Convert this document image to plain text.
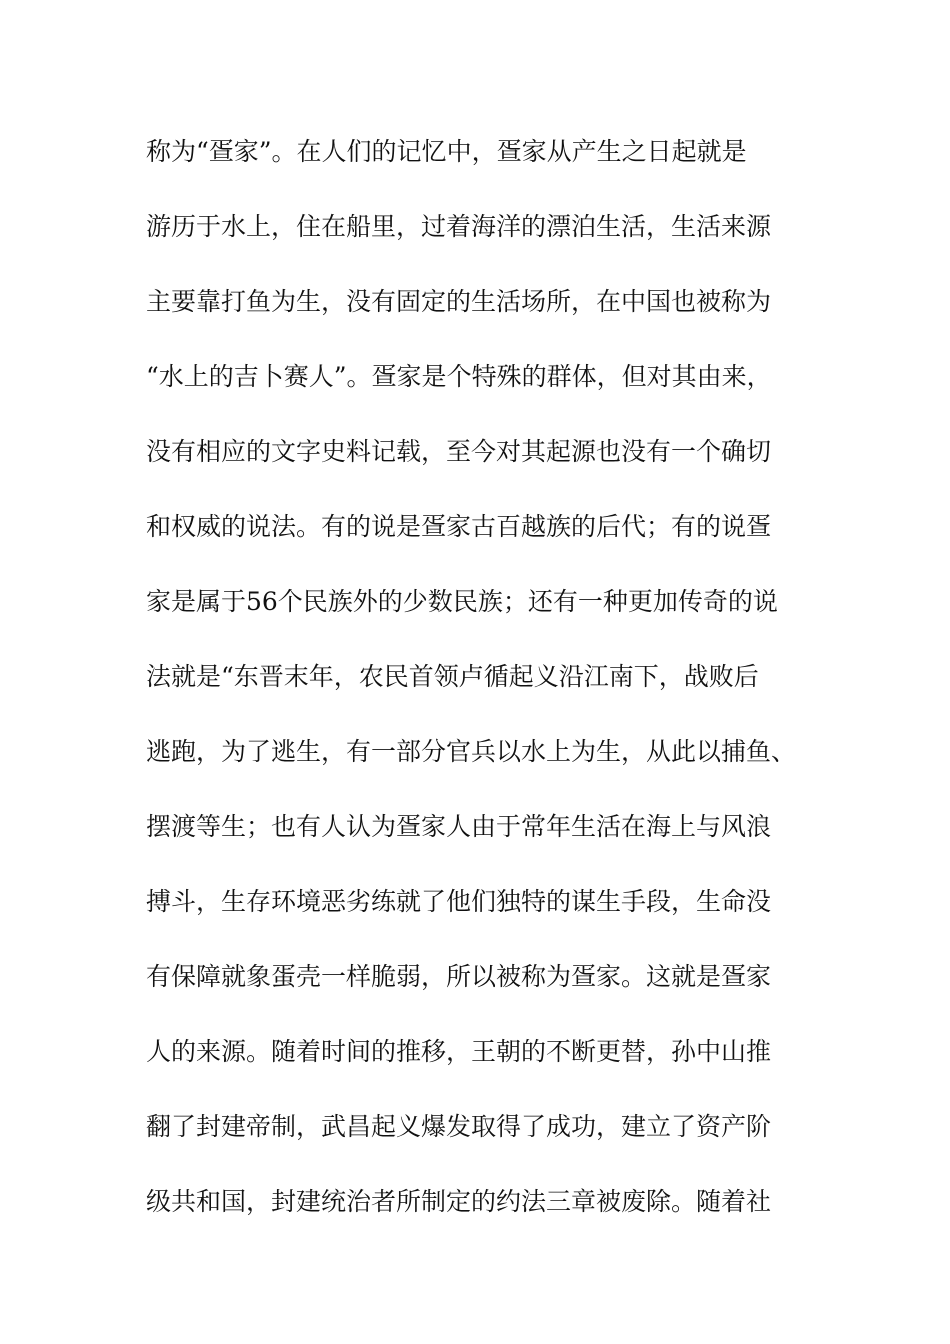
称为“疍家”。在人们的记忆中，疍家从产生之日起就是
游历于水上，住在船里，过着海洋的漂泊生活，生活来源
主要靠打鱼为生，没有固定的生活场所，在中国也被称为
“水上的吉卜赛人”。疍家是个特殊的群体，但对其由来，
没有相应的文字史料记载，至今对其起源也没有一个确切
和权威的说法。有的说是疍家古百越族的后代；有的说疍
家是属于56个民族外的少数民族；还有一种更加传奇的说
法就是“东晋末年，农民首领卢循起义沿江南下，战败后
逃跑，为了逃生，有一部分官兵以水上为生，从此以捕鱼、
摆渡等生；也有人认为疍家人由于常年生活在海上与风浪
搏斗，生存环境恶劣练就了他们独特的谋生手段，生命没
有保障就象蛋壳一样脆弱，所以被称为疍家。这就是疍家
人的来源。随着时间的推移，王朝的不断更替，孙中山推
翻了封建帝制，武昌起义爆发取得了成功，建立了资产阶
级共和国，封建统治者所制定的约法三章被废除。随着社
